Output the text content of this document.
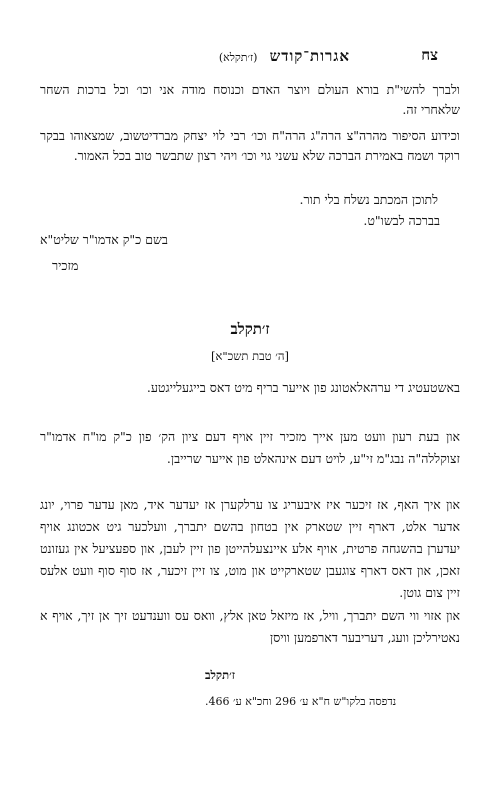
צח
אגרות־קודש (ז׳תקלא)
ולברך להשי"ת בורא העולם ויוצר האדם וכנוסח מודה אני וכו׳ וכל ברכות השחר שלאחרי זה.
וכידוע הסיפור מהרה"צ הרה"ג הרה"ח וכו׳ רבי לוי יצחק מברדיטשוב, שמצאוהו בבקר רוקד ושמח באמירת הברכה שלא עשני גוי וכו׳ ויהי רצון שתבשר טוב בכל האמור.
לתוכן המכתב נשלח בלי תור.
בברכה לבשו"ט.
בשם כ"ק אדמו"ר שליט"א
מזכיר
ז׳תקלב
[ה׳ טבת תשכ"א]
באשטעטיג די ערהאלאטונג פון אייער בריף מיט דאס בייגעלייגטע.
און בעת רעון וועט מען אייך מזכיר זיין אויף דעם ציון הק׳ פון כ"ק מו"ח אדמו"ר זצוקללה"ה נבג"מ זי"ע, לויט דעם אינהאלט פון אייער שרייבן.
און איך האף, אז זיכער איז איבעריג צו ערלקערן אז יעדער איד, מאן עדער פרוי, יונג אדער אלט, דארף זיין שטארק אין בטחון בהשם יתברך, וועלכער גיט אכטונג אויף יעדערן בהשגחה פרטית, אויף אלע איינצעלהייטן פון זיין לעבן, און ספעציעל אין געזונט זאכן, און דאס דארף צוגעבן שטארקייט און מוט, צו זיין זיכער, אז סוף סוף וועט אלעס זיין צום גוטן.
און אזוי ווי השם יתברך, וויל, אז מיזאל טאן אלץ, וואס עס ווענדעט זיך אן זיך, אויף א נאטירליכן וועג, דעריבער דארפמען וויסן
ז׳תקלב
נדפסה בלקו"ש ח"א ע׳ 296 וחכ"א ע׳ 466.
